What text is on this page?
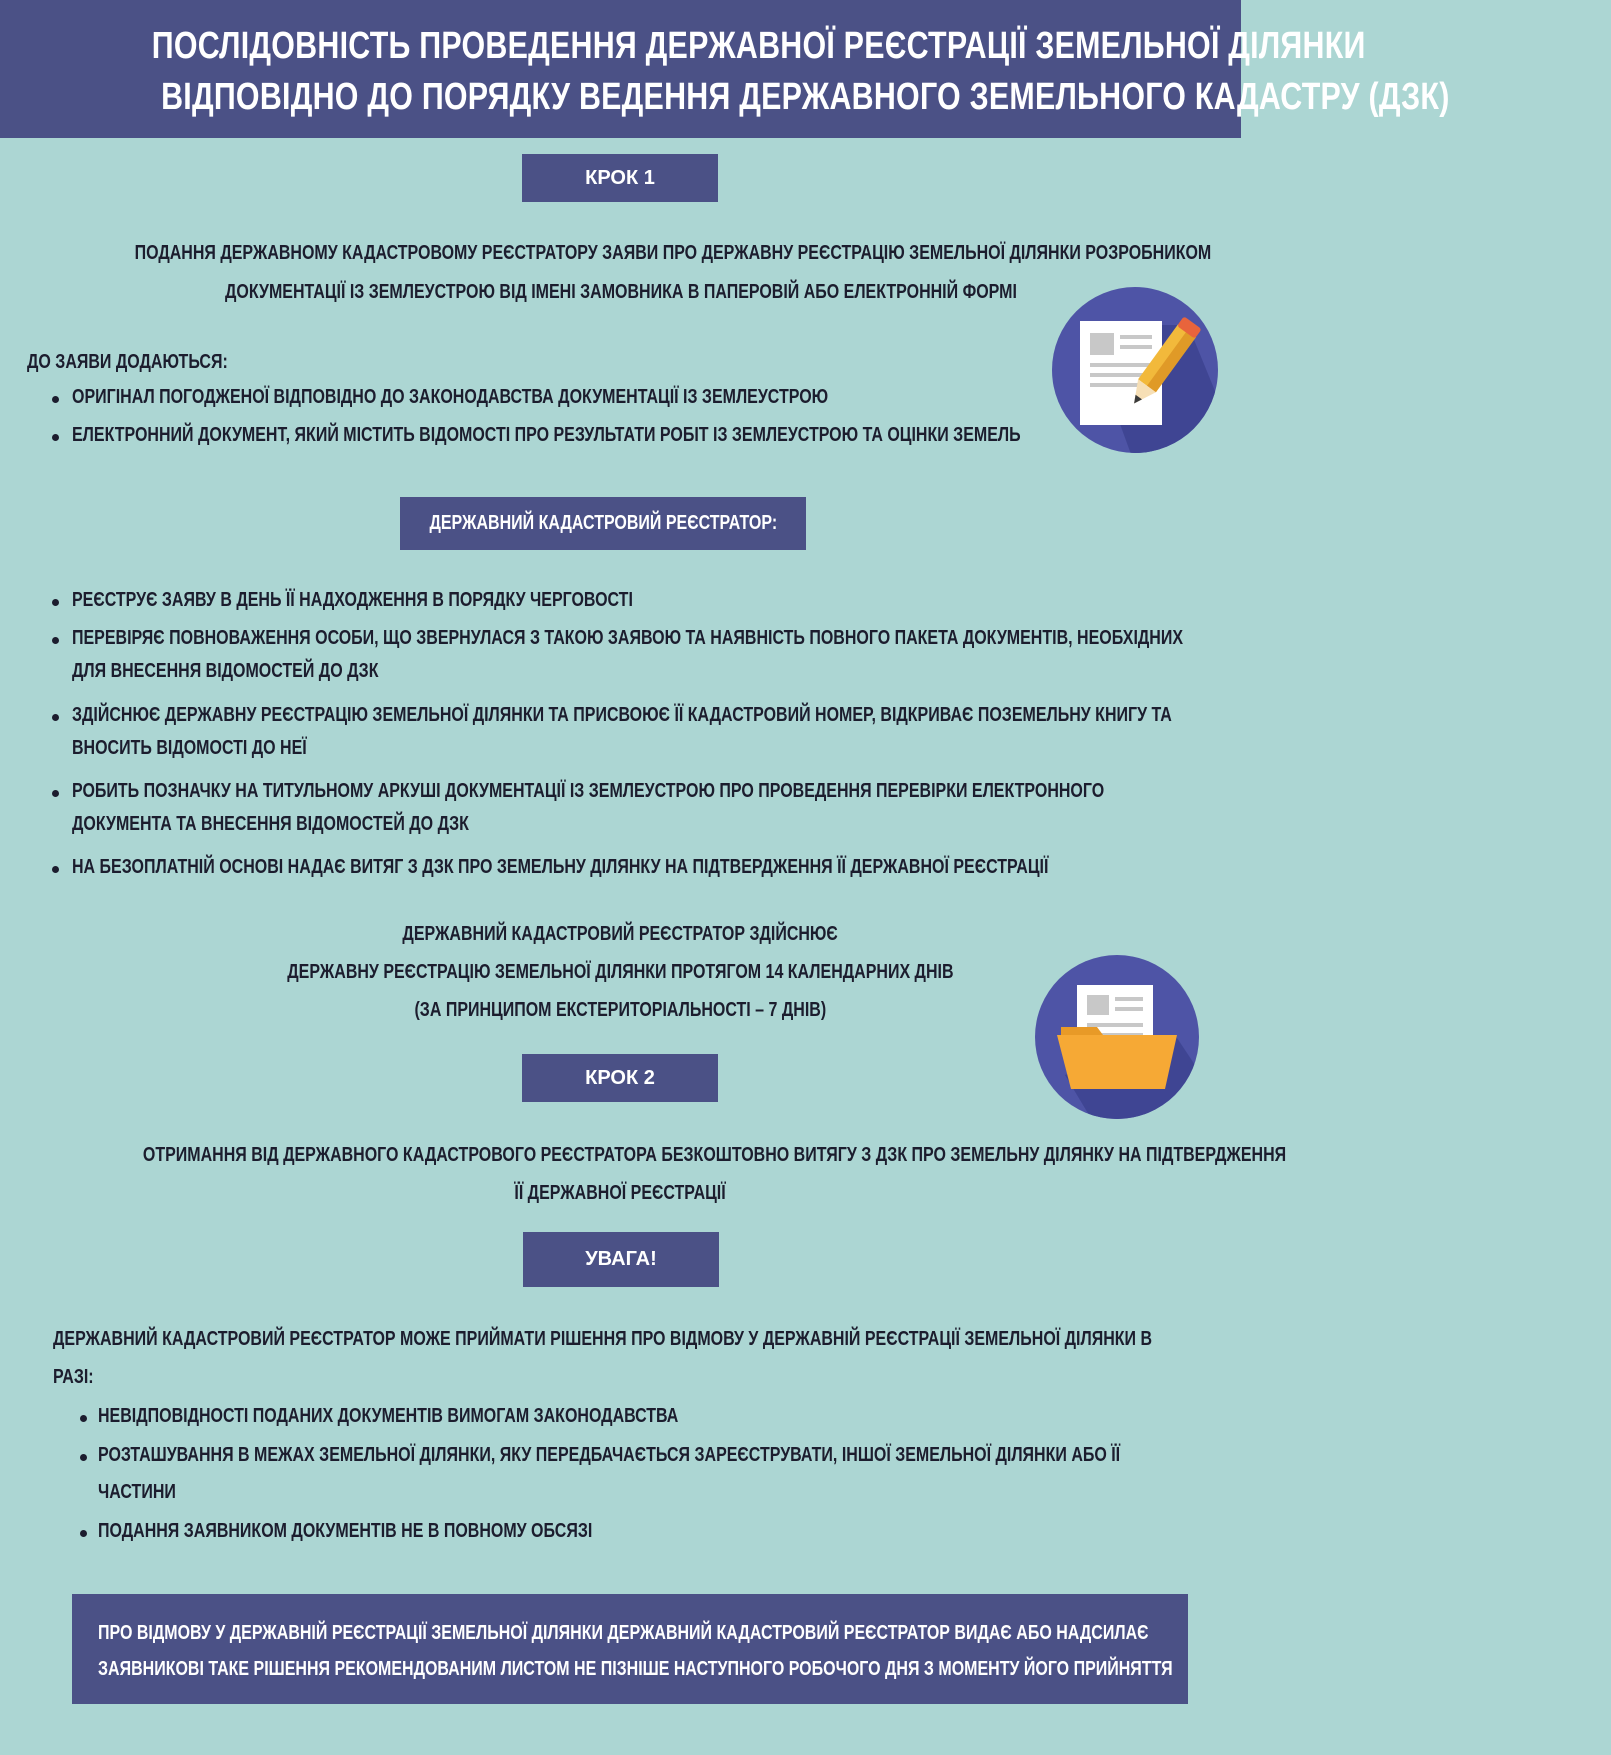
ПОСЛІДОВНІСТЬ ПРОВЕДЕННЯ ДЕРЖАВНОЇ РЕЄСТРАЦІЇ ЗЕМЕЛЬНОЇ ДІЛЯНКИ
ВІДПОВІДНО ДО ПОРЯДКУ ВЕДЕННЯ ДЕРЖАВНОГО ЗЕМЕЛЬНОГО КАДАСТРУ (ДЗК)
КРОК 1
ПОДАННЯ ДЕРЖАВНОМУ КАДАСТРОВОМУ РЕЄСТРАТОРУ ЗАЯВИ ПРО ДЕРЖАВНУ РЕЄСТРАЦІЮ ЗЕМЕЛЬНОЇ ДІЛЯНКИ РОЗРОБНИКОМ
ДОКУМЕНТАЦІЇ ІЗ ЗЕМЛЕУСТРОЮ ВІД ІМЕНІ ЗАМОВНИКА В ПАПЕРОВІЙ АБО ЕЛЕКТРОННІЙ ФОРМІ
ДО ЗАЯВИ ДОДАЮТЬСЯ:
ОРИГІНАЛ ПОГОДЖЕНОЇ ВІДПОВІДНО ДО ЗАКОНОДАВСТВА ДОКУМЕНТАЦІЇ ІЗ ЗЕМЛЕУСТРОЮ
ЕЛЕКТРОННИЙ ДОКУМЕНТ, ЯКИЙ МІСТИТЬ ВІДОМОСТІ ПРО РЕЗУЛЬТАТИ РОБІТ ІЗ ЗЕМЛЕУСТРОЮ ТА ОЦІНКИ ЗЕМЕЛЬ
ДЕРЖАВНИЙ КАДАСТРОВИЙ РЕЄСТРАТОР:
РЕЄСТРУЄ ЗАЯВУ В ДЕНЬ ЇЇ НАДХОДЖЕННЯ В ПОРЯДКУ ЧЕРГОВОСТІ
ПЕРЕВІРЯЄ ПОВНОВАЖЕННЯ ОСОБИ, ЩО ЗВЕРНУЛАСЯ З ТАКОЮ ЗАЯВОЮ ТА НАЯВНІСТЬ ПОВНОГО ПАКЕТА ДОКУМЕНТІВ, НЕОБХІДНИХ
ДЛЯ ВНЕСЕННЯ ВІДОМОСТЕЙ ДО ДЗК
ЗДІЙСНЮЄ ДЕРЖАВНУ РЕЄСТРАЦІЮ ЗЕМЕЛЬНОЇ ДІЛЯНКИ ТА ПРИСВОЮЄ ЇЇ КАДАСТРОВИЙ НОМЕР, ВІДКРИВАЄ ПОЗЕМЕЛЬНУ КНИГУ ТА
ВНОСИТЬ ВІДОМОСТІ ДО НЕЇ
РОБИТЬ ПОЗНАЧКУ НА ТИТУЛЬНОМУ АРКУШІ ДОКУМЕНТАЦІЇ ІЗ ЗЕМЛЕУСТРОЮ ПРО ПРОВЕДЕННЯ ПЕРЕВІРКИ ЕЛЕКТРОННОГО
ДОКУМЕНТА ТА ВНЕСЕННЯ ВІДОМОСТЕЙ ДО ДЗК
НА БЕЗОПЛАТНІЙ ОСНОВІ НАДАЄ ВИТЯГ З ДЗК ПРО ЗЕМЕЛЬНУ ДІЛЯНКУ НА ПІДТВЕРДЖЕННЯ ЇЇ ДЕРЖАВНОЇ РЕЄСТРАЦІЇ
ДЕРЖАВНИЙ КАДАСТРОВИЙ РЕЄСТРАТОР ЗДІЙСНЮЄ
ДЕРЖАВНУ РЕЄСТРАЦІЮ ЗЕМЕЛЬНОЇ ДІЛЯНКИ ПРОТЯГОМ 14 КАЛЕНДАРНИХ ДНІВ
(ЗА ПРИНЦИПОМ ЕКСТЕРИТОРІАЛЬНОСТІ – 7 ДНІВ)
КРОК 2
ОТРИМАННЯ ВІД ДЕРЖАВНОГО КАДАСТРОВОГО РЕЄСТРАТОРА БЕЗКОШТОВНО ВИТЯГУ З ДЗК ПРО ЗЕМЕЛЬНУ ДІЛЯНКУ НА ПІДТВЕРДЖЕННЯ
ЇЇ ДЕРЖАВНОЇ РЕЄСТРАЦІЇ
УВАГА!
ДЕРЖАВНИЙ КАДАСТРОВИЙ РЕЄСТРАТОР МОЖЕ ПРИЙМАТИ РІШЕННЯ ПРО ВІДМОВУ У ДЕРЖАВНІЙ РЕЄСТРАЦІЇ ЗЕМЕЛЬНОЇ ДІЛЯНКИ В
РАЗІ:
НЕВІДПОВІДНОСТІ ПОДАНИХ ДОКУМЕНТІВ ВИМОГАМ ЗАКОНОДАВСТВА
РОЗТАШУВАННЯ В МЕЖАХ ЗЕМЕЛЬНОЇ ДІЛЯНКИ, ЯКУ ПЕРЕДБАЧАЄТЬСЯ ЗАРЕЄСТРУВАТИ, ІНШОЇ ЗЕМЕЛЬНОЇ ДІЛЯНКИ АБО ЇЇ
ЧАСТИНИ
ПОДАННЯ ЗАЯВНИКОМ ДОКУМЕНТІВ НЕ В ПОВНОМУ ОБСЯЗІ
ПРО ВІДМОВУ У ДЕРЖАВНІЙ РЕЄСТРАЦІЇ ЗЕМЕЛЬНОЇ ДІЛЯНКИ ДЕРЖАВНИЙ КАДАСТРОВИЙ РЕЄСТРАТОР ВИДАЄ АБО НАДСИЛАЄ
ЗАЯВНИКОВІ ТАКЕ РІШЕННЯ РЕКОМЕНДОВАНИМ ЛИСТОМ НЕ ПІЗНІШЕ НАСТУПНОГО РОБОЧОГО ДНЯ З МОМЕНТУ ЙОГО ПРИЙНЯТТЯ
